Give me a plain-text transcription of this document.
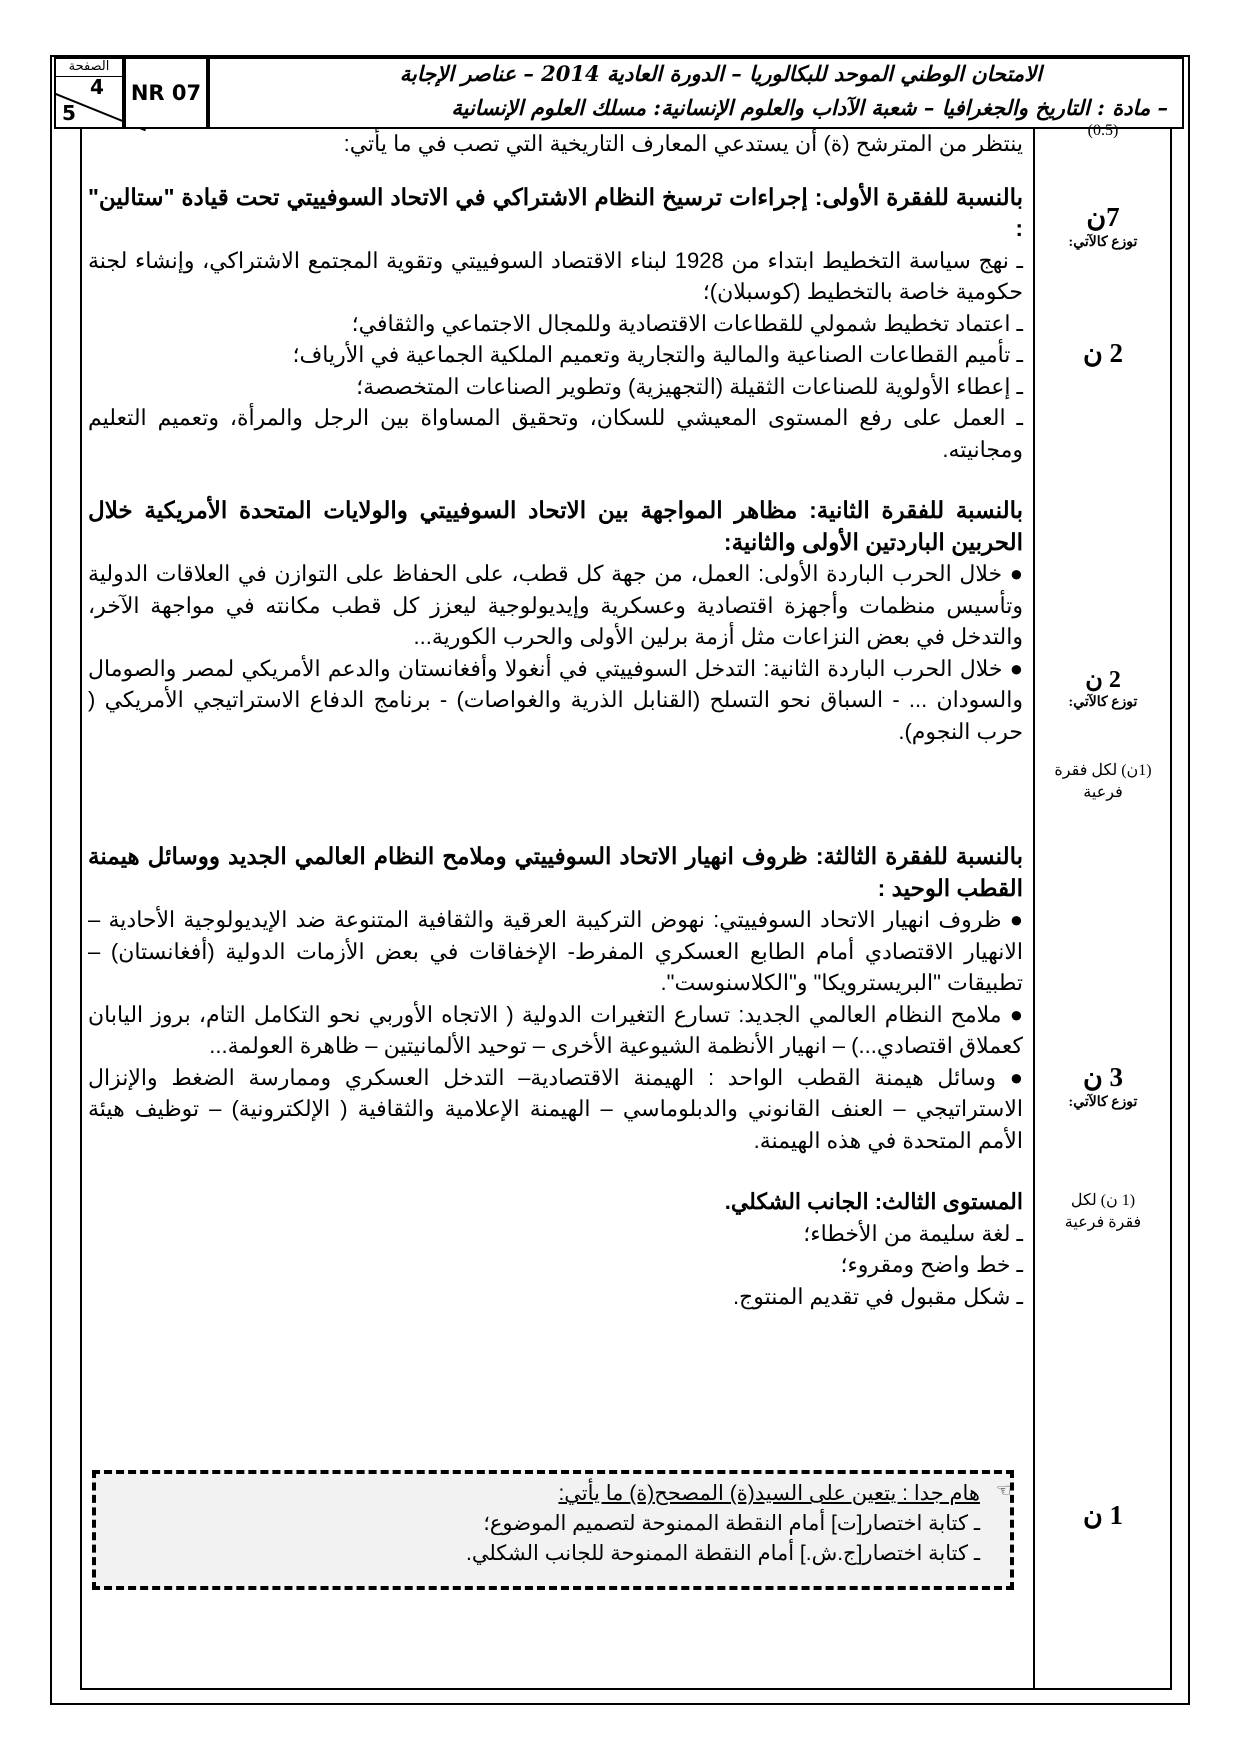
الصفحة
4
5
NR 07
الامتحان الوطني الموحد للبكالوريا – الدورة العادية 2014 – عناصر الإجابة
– مادة : التاريخ والجغرافيا – شعبة الآداب والعلوم الإنسانية: مسلك العلوم الإنسانية

ينتظر من المترشح (ة) أن يستدعي المعارف التاريخية التي تصب في ما يأتي:

بالنسبة للفقرة الأولى: إجراءات ترسيخ النظام الاشتراكي في الاتحاد السوفييتي تحت قيادة "ستالين" :

ـ نهج سياسة التخطيط ابتداء من 1928 لبناء الاقتصاد السوفييتي وتقوية المجتمع الاشتراكي، وإنشاء لجنة حكومية خاصة بالتخطيط (كوسبلان)؛

ـ اعتماد تخطيط شمولي للقطاعات الاقتصادية وللمجال الاجتماعي والثقافي؛

ـ تأميم القطاعات الصناعية والمالية والتجارية وتعميم الملكية الجماعية في الأرياف؛

ـ إعطاء الأولوية للصناعات الثقيلة (التجهيزية) وتطوير الصناعات المتخصصة؛

ـ العمل على رفع المستوى المعيشي للسكان، وتحقيق المساواة بين الرجل والمرأة، وتعميم التعليم ومجانيته.

بالنسبة للفقرة الثانية: مظاهر المواجهة بين الاتحاد السوفييتي والولايات المتحدة الأمريكية خلال الحربين الباردتين الأولى والثانية:

● خلال الحرب الباردة الأولى: العمل، من جهة كل قطب، على الحفاظ على التوازن في العلاقات الدولية وتأسيس منظمات وأجهزة اقتصادية وعسكرية وإيديولوجية ليعزز كل قطب مكانته في مواجهة الآخر، والتدخل في بعض النزاعات مثل أزمة برلين الأولى والحرب الكورية...

● خلال الحرب الباردة الثانية: التدخل السوفييتي في أنغولا وأفغانستان والدعم الأمريكي لمصر والصومال والسودان ... - السباق نحو التسلح (القنابل الذرية والغواصات) - برنامج الدفاع الاستراتيجي الأمريكي ( حرب النجوم).

بالنسبة للفقرة الثالثة: ظروف انهيار الاتحاد السوفييتي وملامح النظام العالمي الجديد ووسائل هيمنة القطب الوحيد :

● ظروف انهيار الاتحاد السوفييتي: نهوض التركيبة العرقية والثقافية المتنوعة ضد الإيديولوجية الأحادية – الانهيار الاقتصادي أمام الطابع العسكري المفرط- الإخفاقات في بعض الأزمات الدولية (أفغانستان) – تطبيقات "البريسترويكا" و"الكلاسنوست".

● ملامح النظام العالمي الجديد: تسارع التغيرات الدولية ( الاتجاه الأوربي نحو التكامل التام، بروز اليابان كعملاق اقتصادي...) – انهيار الأنظمة الشيوعية الأخرى – توحيد الألمانيتين – ظاهرة العولمة...

● وسائل هيمنة القطب الواحد : الهيمنة الاقتصادية– التدخل العسكري وممارسة الضغط والإنزال الاستراتيجي – العنف القانوني والدبلوماسي – الهيمنة الإعلامية والثقافية ( الإلكترونية) – توظيف هيئة الأمم المتحدة في هذه الهيمنة.

المستوى الثالث: الجانب الشكلي.

ـ لغة سليمة من الأخطاء؛

ـ خط واضح ومقروء؛

ـ شكل مقبول في تقديم المنتوج.

☜

هام جدا : يتعين على السيد(ة) المصحح(ة) ما يأتي:

ـ كتابة اختصار[ت] أمام النقطة الممنوحة لتصميم الموضوع؛

ـ كتابة اختصار[ج.ش.] أمام النقطة الممنوحة للجانب الشكلي.

(0.5)
7ن
توزع كالآتي:
2 ن
2 ن
توزع كالآتي:
(1ن) لكل فقرة فرعية
3 ن
توزع كالآتي:
(1 ن) لكل فقرة فرعية
1 ن
